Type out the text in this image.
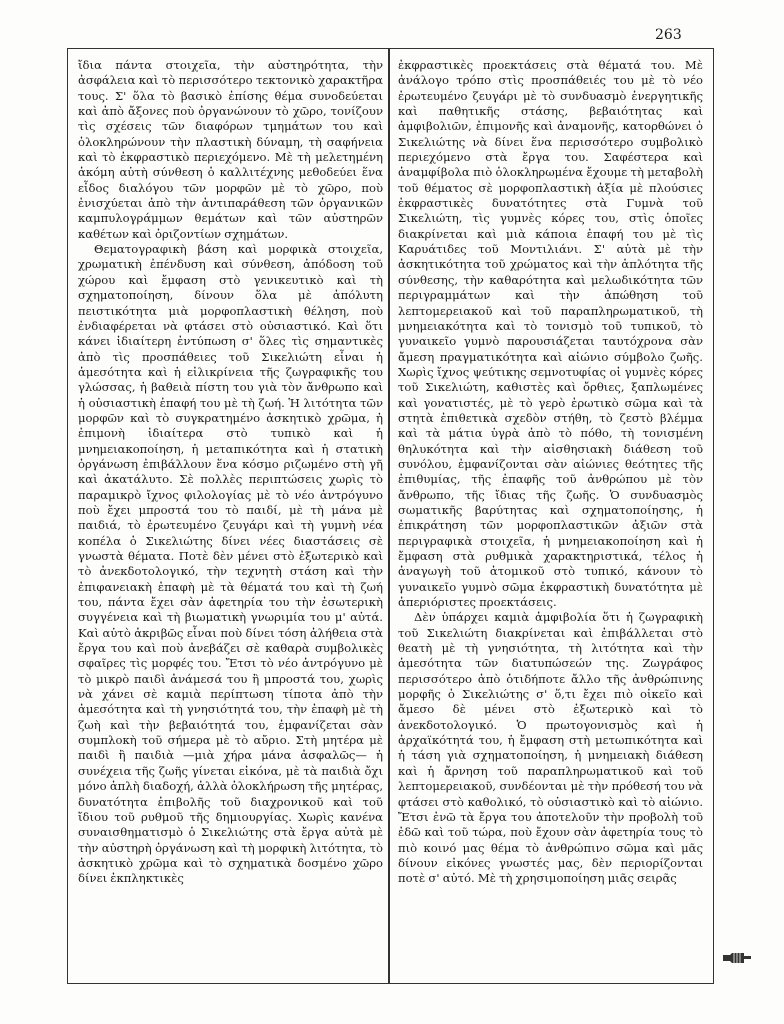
263

ἴδια πάντα στοιχεῖα, τὴν αὐστηρότητα, τὴν ἀσφάλεια καὶ τὸ περισσότερο τεκτονικὸ χαρακτῆρα τους. Σ' ὅλα τὸ βασικὸ ἐπίσης θέμα συνοδεύεται καὶ ἀπὸ ἄξονες ποὺ ὀργανώνουν τὸ χῶρο, τονίζουν τὶς σχέσεις τῶν διαφόρων τμημάτων του καὶ ὁλοκληρώνουν τὴν πλαστικὴ δύναμη, τὴ σαφήνεια καὶ τὸ ἐκφραστικὸ περιεχόμενο. Μὲ τὴ μελετημένη ἀκόμη αὐτὴ σύνθεση ὁ καλλιτέχνης μεθοδεύει ἕνα εἶδος διαλόγου τῶν μορφῶν μὲ τὸ χῶρο, ποὺ ἐνισχύεται ἀπὸ τὴν ἀντιπαράθεση τῶν ὀργανικῶν καμπυλογράμμων θεμάτων καὶ τῶν αὐστηρῶν καθέτων καὶ ὁριζοντίων σχημάτων.

Θεματογραφικὴ βάση καὶ μορφικὰ στοιχεῖα, χρωματικὴ ἐπένδυση καὶ σύνθεση, ἀπόδοση τοῦ χώρου καὶ ἔμφαση στὸ γενικευτικὸ καὶ τὴ σχηματοποίηση, δίνουν ὅλα μὲ ἀπόλυτη πειστικότητα μιὰ μορφοπλαστικὴ θέληση, ποὺ ἐνδιαφέρεται νὰ φτάσει στὸ οὐσιαστικό. Καὶ ὅτι κάνει ἰδιαίτερη ἐντύπωση σ' ὅλες τὶς σημαντικὲς ἀπὸ τὶς προσπάθειες τοῦ Σικελιώτη εἶναι ἡ ἀμεσότητα καὶ ἡ εἰλικρίνεια τῆς ζωγραφικῆς του γλώσσας, ἡ βαθειὰ πίστη του γιὰ τὸν ἄνθρωπο καὶ ἡ οὐσιαστικὴ ἐπαφή του μὲ τὴ ζωή. Ἡ λιτότητα τῶν μορφῶν καὶ τὸ συγκρατημένο ἀσκητικὸ χρῶμα, ἡ ἐπιμονὴ ἰδιαίτερα στὸ τυπικὸ καὶ ἡ μνημειακοποίηση, ἡ μεταπικότητα καὶ ἡ στατικὴ ὀργάνωση ἐπιβάλλουν ἕνα κόσμο ριζωμένο στὴ γῆ καὶ ἀκατάλυτο. Σὲ πολλὲς περιπτώσεις χωρὶς τὸ παραμικρὸ ἴχνος φιλολογίας μὲ τὸ νέο ἀντρόγυνο ποὺ ἔχει μπροστά του τὸ παιδί, μὲ τὴ μάνα μὲ παιδιά, τὸ ἐρωτευμένο ζευγάρι καὶ τὴ γυμνὴ νέα κοπέλα ὁ Σικελιώτης δίνει νέες διαστάσεις σὲ γνωστὰ θέματα. Ποτὲ δὲν μένει στὸ ἐξωτερικὸ καὶ τὸ ἀνεκδοτολογικό, τὴν τεχνητὴ στάση καὶ τὴν ἐπιφανειακὴ ἐπαφὴ μὲ τὰ θέματά του καὶ τὴ ζωή του, πάντα ἔχει σὰν ἀφετηρία του τὴν ἐσωτερικὴ συγγένεια καὶ τὴ βιωματικὴ γνωριμία του μ' αὐτά. Καὶ αὐτὸ ἀκριβῶς εἶναι ποὺ δίνει τόση ἀλήθεια στὰ ἔργα του καὶ ποὺ ἀνεβάζει σὲ καθαρὰ συμβολικὲς σφαῖρες τὶς μορφές του. Ἔτσι τὸ νέο ἀντρόγυνο μὲ τὸ μικρὸ παιδὶ ἀνάμεσά του ἢ μπροστά του, χωρὶς νὰ χάνει σὲ καμιὰ περίπτωση τίποτα ἀπὸ τὴν ἀμεσότητα καὶ τὴ γνησιότητά του, τὴν ἐπαφὴ μὲ τὴ ζωὴ καὶ τὴν βεβαιότητά του, ἐμφανίζεται σὰν συμπλοκὴ τοῦ σήμερα μὲ τὸ αὔριο. Στὴ μητέρα μὲ παιδὶ ἢ παιδιὰ —μιὰ χήρα μάνα ἀσφαλῶς— ἡ συνέχεια τῆς ζωῆς γίνεται εἰκόνα, μὲ τὰ παιδιὰ ὄχι μόνο ἁπλὴ διαδοχή, ἀλλὰ ὁλοκλήρωση τῆς μητέρας, δυνατότητα ἐπιβολῆς τοῦ διαχρονικοῦ καὶ τοῦ ἴδιου τοῦ ρυθμοῦ τῆς δημιουργίας. Χωρὶς κανένα συναισθηματισμὸ ὁ Σικελιώτης στὰ ἔργα αὐτὰ μὲ τὴν αὐστηρὴ ὀργάνωση καὶ τὴ μορφικὴ λιτότητα, τὸ ἀσκητικὸ χρῶμα καὶ τὸ σχηματικὰ δοσμένο χῶρο δίνει ἐκπληκτικὲς

ἐκφραστικὲς προεκτάσεις στὰ θέματά του. Μὲ ἀνάλογο τρόπο στὶς προσπάθειές του μὲ τὸ νέο ἐρωτευμένο ζευγάρι μὲ τὸ συνδυασμὸ ἐνεργητικῆς καὶ παθητικῆς στάσης, βεβαιότητας καὶ ἀμφιβολιῶν, ἐπιμονῆς καὶ ἀναμονῆς, κατορθώνει ὁ Σικελιώτης νὰ δίνει ἕνα περισσότερο συμβολικὸ περιεχόμενο στὰ ἔργα του. Σαφέστερα καὶ ἀναμφίβολα πιὸ ὁλοκληρωμένα ἔχουμε τὴ μεταβολὴ τοῦ θέματος σὲ μορφοπλαστικὴ ἀξία μὲ πλούσιες ἐκφραστικὲς δυνατότητες στὰ Γυμνὰ τοῦ Σικελιώτη, τὶς γυμνὲς κόρες του, στὶς ὁποῖες διακρίνεται καὶ μιὰ κάποια ἐπαφή του μὲ τὶς Καρυάτιδες τοῦ Μοντιλιάνι. Σ' αὐτὰ μὲ τὴν ἀσκητικότητα τοῦ χρώματος καὶ τὴν ἁπλότητα τῆς σύνθεσης, τὴν καθαρότητα καὶ μελωδικότητα τῶν περιγραμμάτων καὶ τὴν ἀπώθηση τοῦ λεπτομερειακοῦ καὶ τοῦ παραπληρωματικοῦ, τὴ μνημειακότητα καὶ τὸ τονισμὸ τοῦ τυπικοῦ, τὸ γυναικεῖο γυμνὸ παρουσιάζεται ταυτόχρονα σὰν ἄμεση πραγματικότητα καὶ αἰώνιο σύμβολο ζωῆς. Χωρὶς ἴχνος ψεύτικης σεμνοτυφίας οἱ γυμνὲς κόρες τοῦ Σικελιώτη, καθιστὲς καὶ ὄρθιες, ξαπλωμένες καὶ γονατιστές, μὲ τὸ γερὸ ἐρωτικὸ σῶμα καὶ τὰ στητὰ ἐπιθετικὰ σχεδὸν στήθη, τὸ ζεστὸ βλέμμα καὶ τὰ μάτια ὑγρὰ ἀπὸ τὸ πόθο, τὴ τονισμένη θηλυκότητα καὶ τὴν αἰσθησιακὴ διάθεση τοῦ συνόλου, ἐμφανίζονται σὰν αἰώνιες θεότητες τῆς ἐπιθυμίας, τῆς ἐπαφῆς τοῦ ἀνθρώπου μὲ τὸν ἄνθρωπο, τῆς ἴδιας τῆς ζωῆς. Ὁ συνδυασμὸς σωματικῆς βαρύτητας καὶ σχηματοποίησης, ἡ ἐπικράτηση τῶν μορφοπλαστικῶν ἀξιῶν στὰ περιγραφικὰ στοιχεῖα, ἡ μνημειακοποίηση καὶ ἡ ἔμφαση στὰ ρυθμικὰ χαρακτηριστικά, τέλος ἡ ἀναγωγὴ τοῦ ἀτομικοῦ στὸ τυπικό, κάνουν τὸ γυναικεῖο γυμνὸ σῶμα ἐκφραστικὴ δυνατότητα μὲ ἀπεριόριστες προεκτάσεις.

Δὲν ὑπάρχει καμιὰ ἀμφιβολία ὅτι ἡ ζωγραφικὴ τοῦ Σικελιώτη διακρίνεται καὶ ἐπιβάλλεται στὸ θεατὴ μὲ τὴ γνησιότητα, τὴ λιτότητα καὶ τὴν ἀμεσότητα τῶν διατυπώσεών της. Ζωγράφος περισσότερο ἀπὸ ὁτιδήποτε ἄλλο τῆς ἀνθρώπινης μορφῆς ὁ Σικελιώτης σ' ὅ,τι ἔχει πιὸ οἰκεῖο καὶ ἄμεσο δὲ μένει στὸ ἐξωτερικὸ καὶ τὸ ἀνεκδοτολογικό. Ὁ πρωτογονισμὸς καὶ ἡ ἀρχαϊκότητά του, ἡ ἔμφαση στὴ μετωπικότητα καὶ ἡ τάση γιὰ σχηματοποίηση, ἡ μνημειακὴ διάθεση καὶ ἡ ἄρνηση τοῦ παραπληρωματικοῦ καὶ τοῦ λεπτομερειακοῦ, συνδέονται μὲ τὴν πρόθεσή του νὰ φτάσει στὸ καθολικό, τὸ οὐσιαστικὸ καὶ τὸ αἰώνιο. Ἔτσι ἐνῶ τὰ ἔργα του ἀποτελοῦν τὴν προβολὴ τοῦ ἐδῶ καὶ τοῦ τώρα, ποὺ ἔχουν σὰν ἀφετηρία τους τὸ πιὸ κοινό μας θέμα τὸ ἀνθρώπινο σῶμα καὶ μᾶς δίνουν εἰκόνες γνωστές μας, δὲν περιορίζονται ποτὲ σ' αὐτό. Μὲ τὴ χρησιμοποίηση μιᾶς σειρᾶς
